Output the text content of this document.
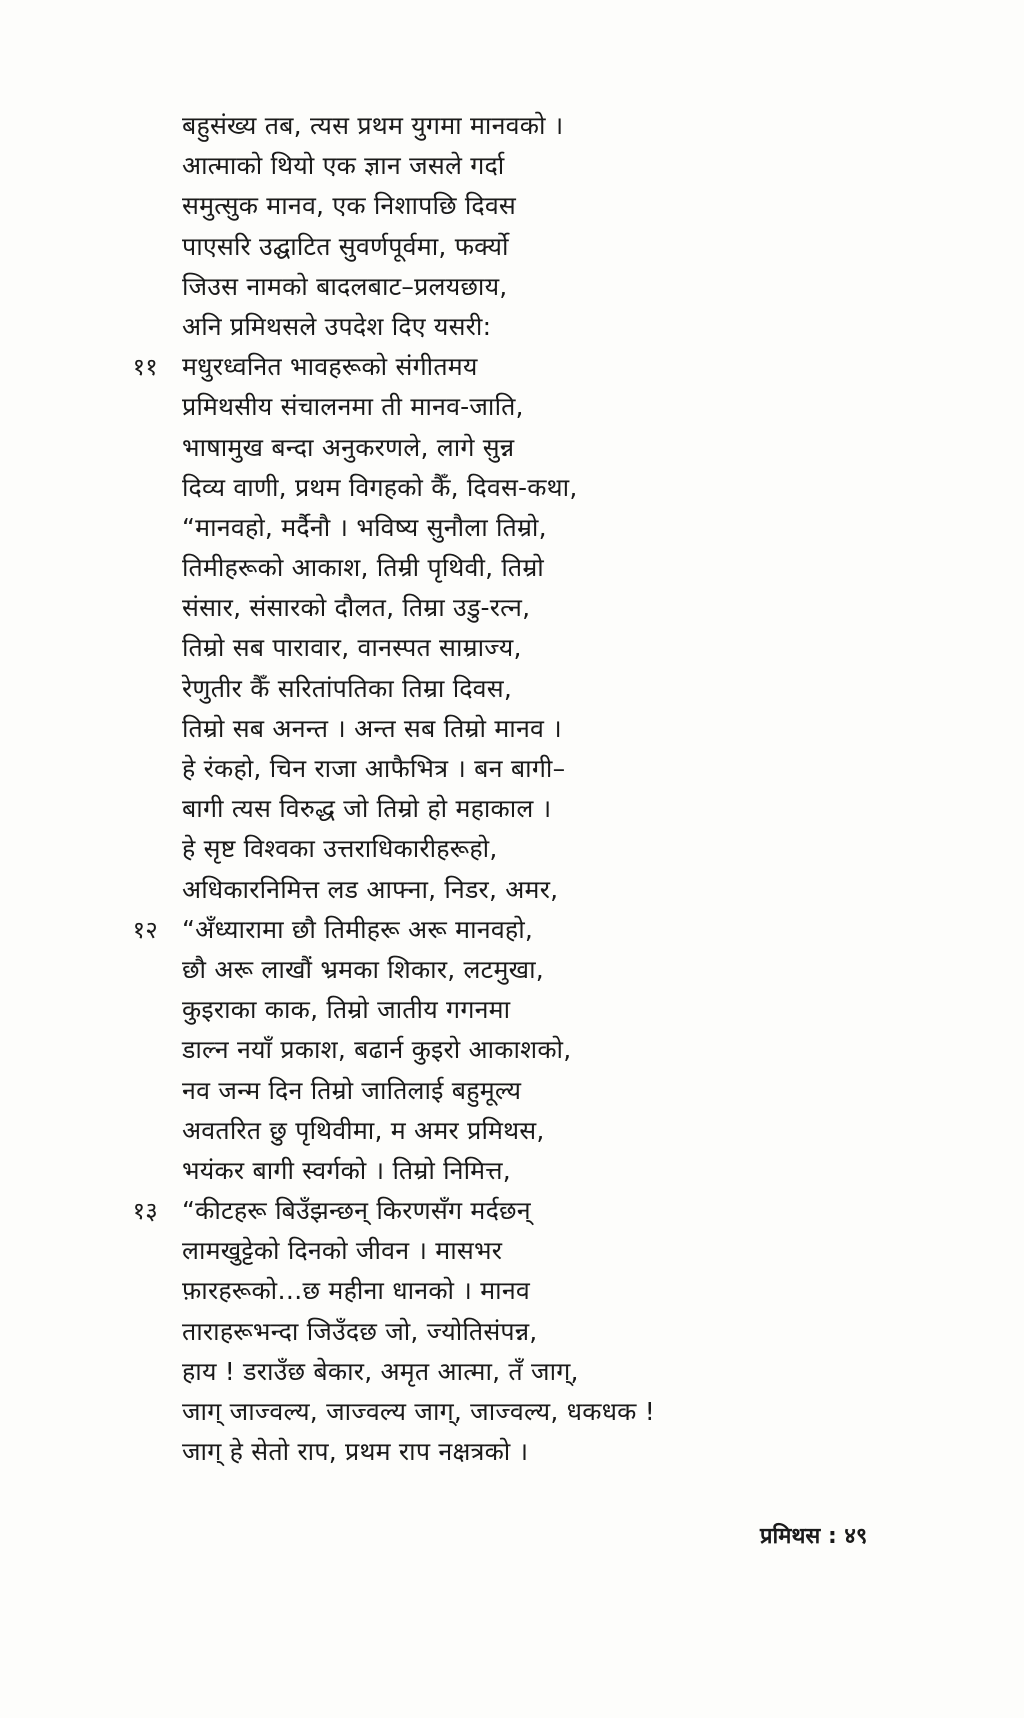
बहुसंख्य तब, त्यस प्रथम युगमा मानवको ।
आत्माको थियो एक ज्ञान जसले गर्दा
समुत्सुक मानव, एक निशापछि दिवस
पाएसरि उद्घाटित सुवर्णपूर्वमा, फर्क्यो
जिउस नामको बादलबाट–प्रलयछाय,
अनि प्रमिथसले उपदेश दिए यसरी:
११ मधुरध्वनित भावहरूको संगीतमय
प्रमिथसीय संचालनमा ती मानव-जाति,
भाषामुख बन्दा अनुकरणले, लागे सुन्न
दिव्य वाणी, प्रथम विगहको कैँ, दिवस-कथा,
“मानवहो, मर्दैनौ । भविष्य सुनौला तिम्रो,
तिमीहरूको आकाश, तिम्री पृथिवी, तिम्रो
संसार, संसारको दौलत, तिम्रा उडु-रत्न,
तिम्रो सब पारावार, वानस्पत साम्राज्य,
रेणुतीर कैँ सरितांपतिका तिम्रा दिवस,
तिम्रो सब अनन्त । अन्त सब तिम्रो मानव ।
हे रंकहो, चिन राजा आफैभित्र । बन बागी–
बागी त्यस विरुद्ध जो तिम्रो हो महाकाल ।
हे सृष्ट विश्वका उत्तराधिकारीहरूहो,
अधिकारनिमित्त लड आफ्ना, निडर, अमर,
१२ “अँध्यारामा छौ तिमीहरू अरू मानवहो,
छौ अरू लाखौं भ्रमका शिकार, लटमुखा,
कुइराका काक, तिम्रो जातीय गगनमा
डाल्न नयाँ प्रकाश, बढार्न कुइरो आकाशको,
नव जन्म दिन तिम्रो जातिलाई बहुमूल्य
अवतरित छु पृथिवीमा, म अमर प्रमिथस,
भयंकर बागी स्वर्गको । तिम्रो निमित्त,
१३ “कीटहरू बिउँझन्छन् किरणसँग मर्दछन्
लामखुट्टेको दिनको जीवन । मासभर
फ़ारहरूको…छ महीना धानको । मानव
ताराहरूभन्दा जिउँदछ जो, ज्योतिसंपन्न,
हाय ! डराउँछ बेकार, अमृत आत्मा, तँ जाग्,
जाग् जाज्वल्य, जाज्वल्य जाग्, जाज्वल्य, धकधक !
जाग् हे सेतो राप, प्रथम राप नक्षत्रको ।
प्रमिथस : ४९
